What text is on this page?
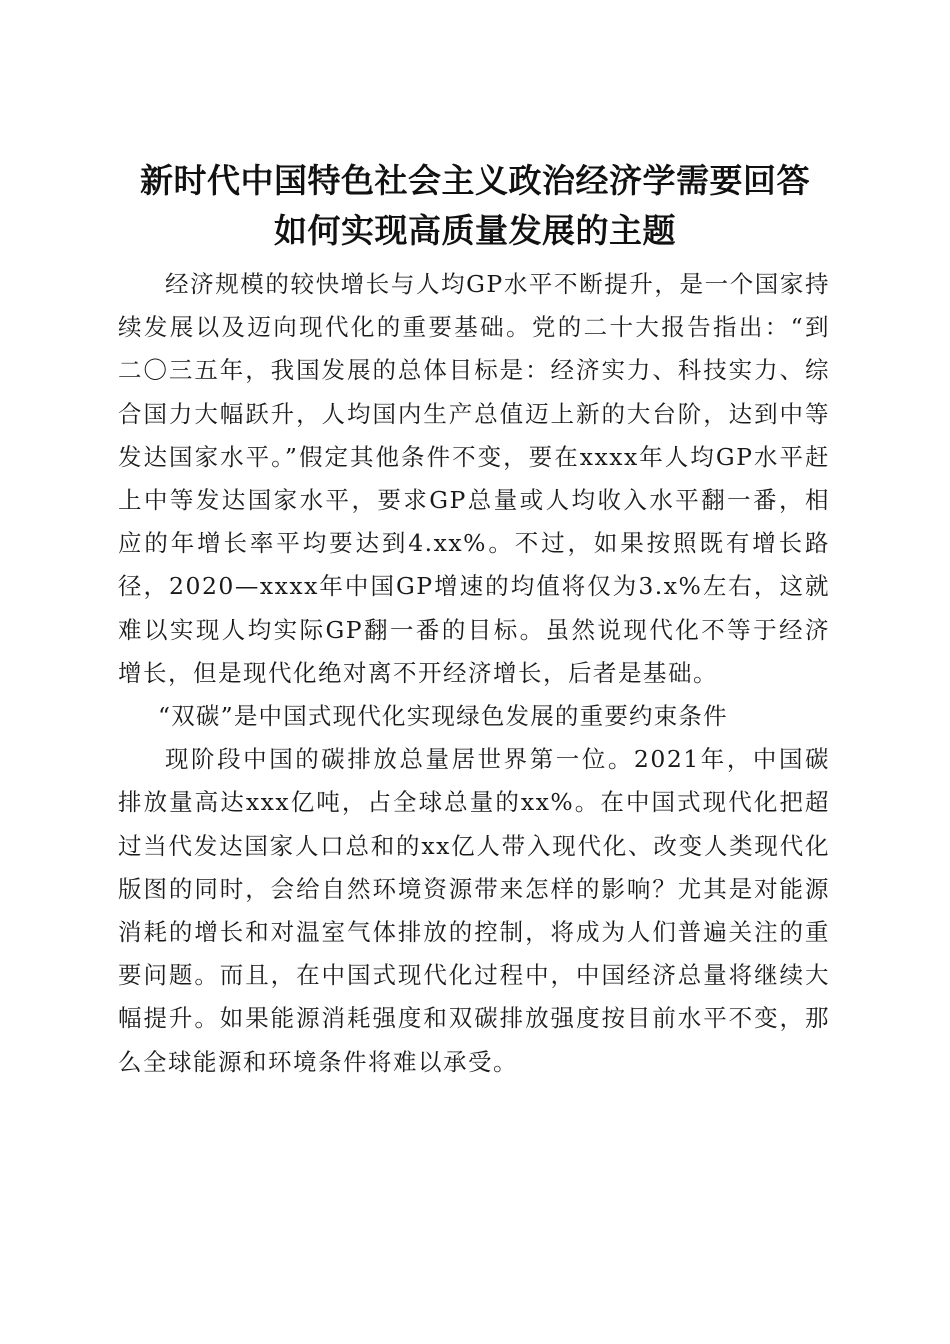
新时代中国特色社会主义政治经济学需要回答
如何实现高质量发展的主题

经济规模的较快增长与人均GP水平不断提升，是一个国家持续发展以及迈向现代化的重要基础。党的二十大报告指出：“到二〇三五年，我国发展的总体目标是：经济实力、科技实力、综合国力大幅跃升，人均国内生产总值迈上新的大台阶，达到中等发达国家水平。”假定其他条件不变，要在xxxx年人均GP水平赶上中等发达国家水平，要求GP总量或人均收入水平翻一番，相应的年增长率平均要达到4.xx%。不过，如果按照既有增长路径，2020—xxxx年中国GP增速的均值将仅为3.x%左右，这就难以实现人均实际GP翻一番的目标。虽然说现代化不等于经济增长，但是现代化绝对离不开经济增长，后者是基础。

“双碳”是中国式现代化实现绿色发展的重要约束条件

现阶段中国的碳排放总量居世界第一位。2021年，中国碳排放量高达xxx亿吨，占全球总量的xx%。在中国式现代化把超过当代发达国家人口总和的xx亿人带入现代化、改变人类现代化版图的同时，会给自然环境资源带来怎样的影响？尤其是对能源消耗的增长和对温室气体排放的控制，将成为人们普遍关注的重要问题。而且，在中国式现代化过程中，中国经济总量将继续大幅提升。如果能源消耗强度和双碳排放强度按目前水平不变，那么全球能源和环境条件将难以承受。
